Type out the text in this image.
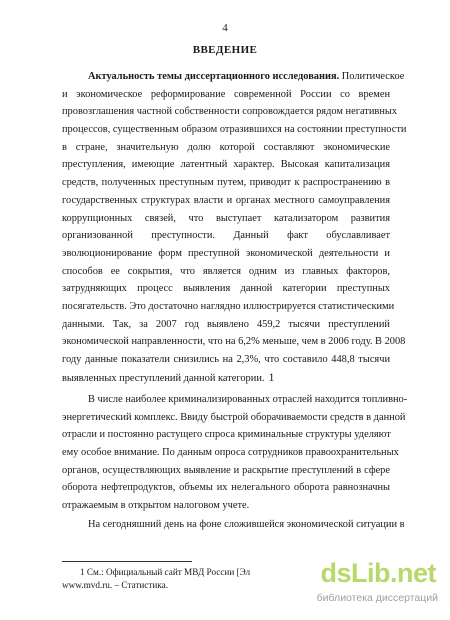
4
ВВЕДЕНИЕ
Актуальность темы диссертационного исследования. Политическое
и экономическое реформирование современной России со времен
провозглашения частной собственности сопровождается рядом негативных
процессов, существенным образом отразившихся на состоянии преступности
в стране, значительную долю которой составляют экономические
преступления, имеющие латентный характер. Высокая капитализация
средств, полученных преступным путем, приводит к распространению в
государственных структурах власти и органах местного самоуправления
коррупционных связей, что выступает катализатором развития
организованной преступности. Данный факт обуславливает
эволюционирование форм преступной экономической деятельности и
способов ее сокрытия, что является одним из главных факторов,
затрудняющих процесс выявления данной категории преступных
посягательств. Это достаточно наглядно иллюстрируется статистическими
данными. Так, за 2007 год выявлено 459,2 тысячи преступлений
экономической направленности, что на 6,2% меньше, чем в 2006 году. В 2008
году данные показатели снизились на 2,3%, что составило 448,8 тысячи
выявленных преступлений данной категории. 1
В числе наиболее криминализированных отраслей находится топливно-
энергетический комплекс. Ввиду быстрой оборачиваемости средств в данной
отрасли и постоянно растущего спроса криминальные структуры уделяют
ему особое внимание. По данным опроса сотрудников правоохранительных
органов, осуществляющих выявление и раскрытие преступлений в сфере
оборота нефтепродуктов, объемы их нелегального оборота равнозначны
отражаемым в открытом налоговом учете.
На сегодняшний день на фоне сложившейся экономической ситуации в
1 См.: Официальный сайт МВД России [Эл
www.mvd.ru. – Статистика.	dsLib.net
библиотека диссертаций
